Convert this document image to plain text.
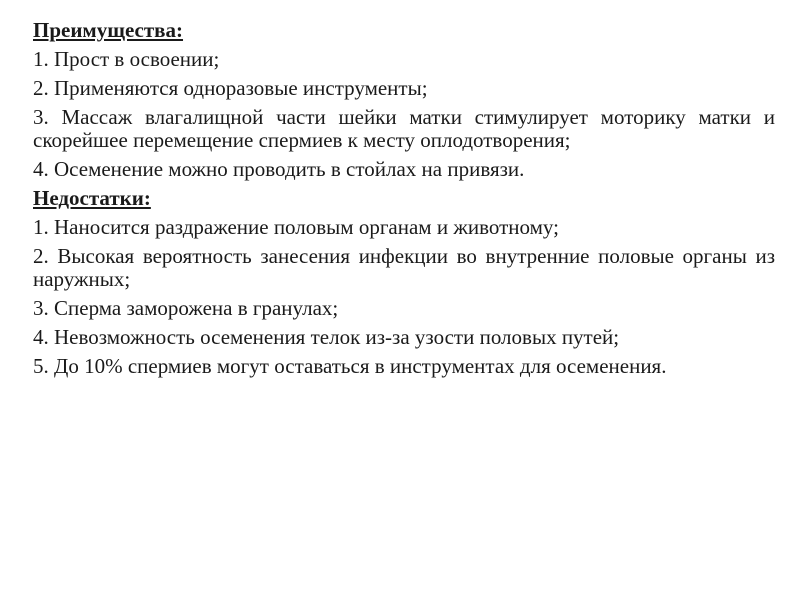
Преимущества:
1. Прост в освоении;
2. Применяются одноразовые инструменты;
3. Массаж влагалищной части шейки матки стимулирует моторику матки и скорейшее перемещение спермиев к месту оплодотворения;
4. Осеменение можно проводить в стойлах на привязи.
Недостатки:
1. Наносится раздражение половым органам и животному;
2. Высокая вероятность занесения инфекции во внутренние половые органы из наружных;
3. Сперма заморожена в гранулах;
4. Невозможность осеменения телок из-за узости половых путей;
5. До 10% спермиев могут оставаться в инструментах для осеменения.
